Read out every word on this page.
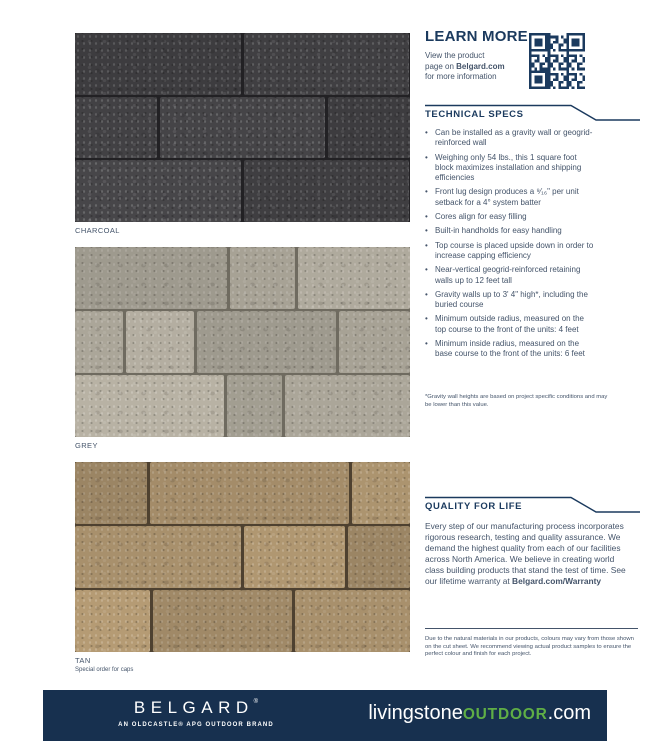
CHARCOAL
GREY
TAN
Special order for caps
LEARN MORE
View the product
page on Belgard.com
for more information
TECHNICAL SPECS
• Can be installed as a gravity wall or geogrid-reinforced wall
• Weighing only 54 lbs., this 1 square foot block maximizes installation and shipping efficiencies
• Front lug design produces a ⁹⁄₁₆" per unit setback for a 4° system batter
• Cores align for easy filling
• Built-in handholds for easy handling
• Top course is placed upside down in order to increase capping efficiency
• Near-vertical geogrid-reinforced retaining walls up to 12 feet tall
• Gravity walls up to 3' 4" high*, including the buried course
• Minimum outside radius, measured on the top course to the front of the units: 4 feet
• Minimum inside radius, measured on the base course to the front of the units: 6 feet
*Gravity wall heights are based on project specific conditions and may be lower than this value.
QUALITY FOR LIFE
Every step of our manufacturing process incorporates rigorous research, testing and quality assurance. We demand the highest quality from each of our facilities across North America. We believe in creating world class building products that stand the test of time. See our lifetime warranty at Belgard.com/Warranty
Due to the natural materials in our products, colours may vary from those shown on the cut sheet. We recommend viewing actual product samples to ensure the perfect colour and finish for each project.
BELGARD®
AN OLDCASTLE® APG OUTDOOR BRAND
livingstone OUTDOOR .com
